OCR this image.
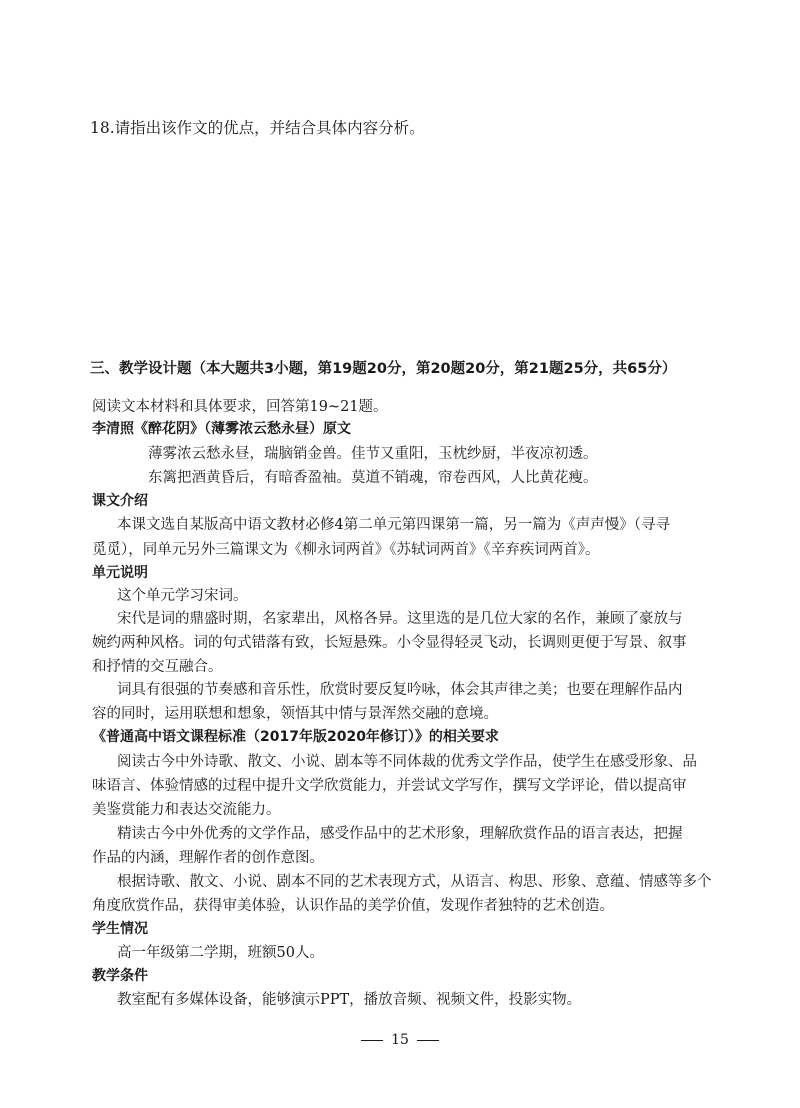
18.请指出该作文的优点，并结合具体内容分析。
三、教学设计题（本大题共3小题，第19题20分，第20题20分，第21题25分，共65分）
阅读文本材料和具体要求，回答第19~21题。
李清照《醉花阴》（薄雾浓云愁永昼）原文
薄雾浓云愁永昼，瑞脑销金兽。佳节又重阳，玉枕纱厨，半夜凉初透。
东篱把酒黄昏后，有暗香盈袖。莫道不销魂，帘卷西风，人比黄花瘦。
课文介绍
本课文选自某版高中语文教材必修4第二单元第四课第一篇，另一篇为《声声慢》（寻寻
觅觅），同单元另外三篇课文为《柳永词两首》《苏轼词两首》《辛弃疾词两首》。
单元说明
这个单元学习宋词。
宋代是词的鼎盛时期，名家辈出，风格各异。这里选的是几位大家的名作，兼顾了豪放与
婉约两种风格。词的句式错落有致，长短悬殊。小令显得轻灵飞动，长调则更便于写景、叙事
和抒情的交互融合。
词具有很强的节奏感和音乐性，欣赏时要反复吟咏，体会其声律之美；也要在理解作品内
容的同时，运用联想和想象，领悟其中情与景浑然交融的意境。
《普通高中语文课程标准（2017年版2020年修订）》的相关要求
阅读古今中外诗歌、散文、小说、剧本等不同体裁的优秀文学作品，使学生在感受形象、品
味语言、体验情感的过程中提升文学欣赏能力，并尝试文学写作，撰写文学评论，借以提高审
美鉴赏能力和表达交流能力。
精读古今中外优秀的文学作品，感受作品中的艺术形象，理解欣赏作品的语言表达，把握
作品的内涵，理解作者的创作意图。
根据诗歌、散文、小说、剧本不同的艺术表现方式，从语言、构思、形象、意蕴、情感等多个
角度欣赏作品，获得审美体验，认识作品的美学价值，发现作者独特的艺术创造。
学生情况
高一年级第二学期，班额50人。
教学条件
教室配有多媒体设备，能够演示PPT，播放音频、视频文件，投影实物。
15
